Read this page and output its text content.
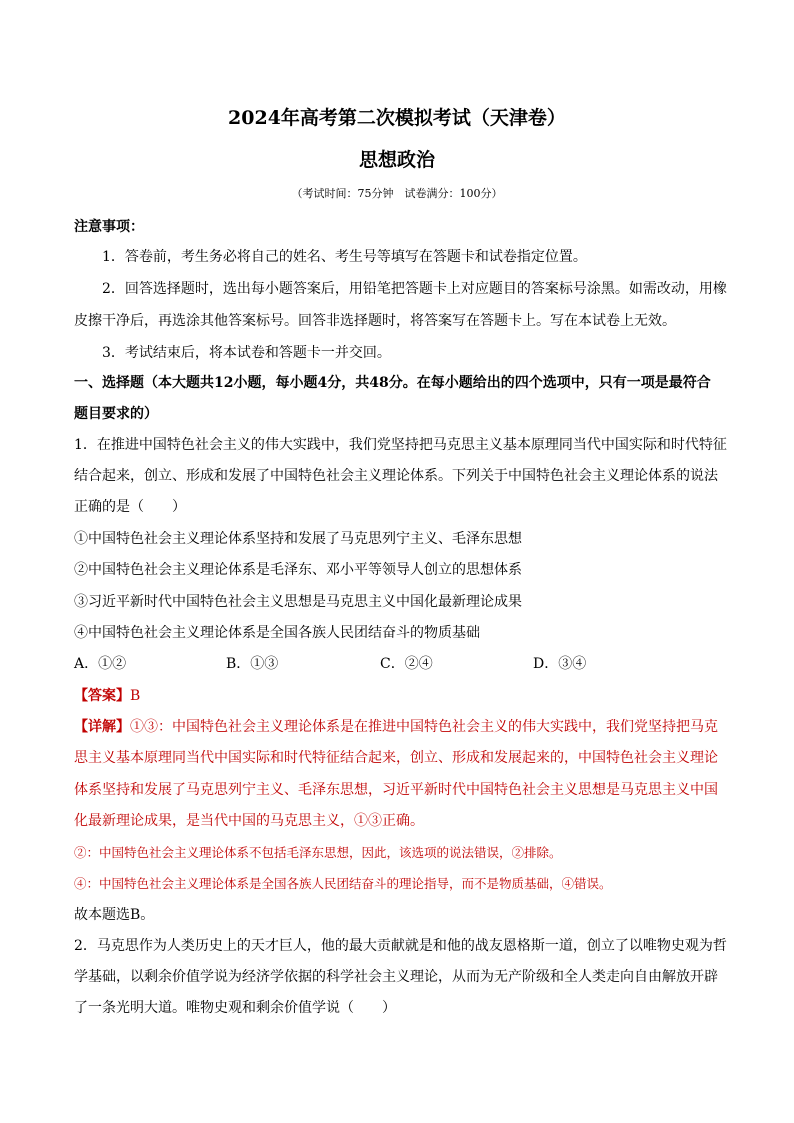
2024年高考第二次模拟考试（天津卷）
思想政治
（考试时间：75分钟　试卷满分：100分）
注意事项：
1．答卷前，考生务必将自己的姓名、考生号等填写在答题卡和试卷指定位置。
2．回答选择题时，选出每小题答案后，用铅笔把答题卡上对应题目的答案标号涂黑。如需改动，用橡
皮擦干净后，再选涂其他答案标号。回答非选择题时，将答案写在答题卡上。写在本试卷上无效。
3．考试结束后，将本试卷和答题卡一并交回。
一、选择题（本大题共12小题，每小题4分，共48分。在每小题给出的四个选项中，只有一项是最符合
题目要求的）
1．在推进中国特色社会主义的伟大实践中，我们党坚持把马克思主义基本原理同当代中国实际和时代特征
结合起来，创立、形成和发展了中国特色社会主义理论体系。下列关于中国特色社会主义理论体系的说法
正确的是（　　）
①中国特色社会主义理论体系坚持和发展了马克思列宁主义、毛泽东思想
②中国特色社会主义理论体系是毛泽东、邓小平等领导人创立的思想体系
③习近平新时代中国特色社会主义思想是马克思主义中国化最新理论成果
④中国特色社会主义理论体系是全国各族人民团结奋斗的物质基础
A．①②	B．①③	C．②④	D．③④
【答案】B
【详解】①③：中国特色社会主义理论体系是在推进中国特色社会主义的伟大实践中，我们党坚持把马克
思主义基本原理同当代中国实际和时代特征结合起来，创立、形成和发展起来的，中国特色社会主义理论
体系坚持和发展了马克思列宁主义、毛泽东思想，习近平新时代中国特色社会主义思想是马克思主义中国
化最新理论成果，是当代中国的马克思主义，①③正确。
②：中国特色社会主义理论体系不包括毛泽东思想，因此，该选项的说法错误，②排除。
④：中国特色社会主义理论体系是全国各族人民团结奋斗的理论指导，而不是物质基础，④错误。
故本题选B。
2．马克思作为人类历史上的天才巨人，他的最大贡献就是和他的战友恩格斯一道，创立了以唯物史观为哲
学基础，以剩余价值学说为经济学依据的科学社会主义理论，从而为无产阶级和全人类走向自由解放开辟
了一条光明大道。唯物史观和剩余价值学说（　　）
